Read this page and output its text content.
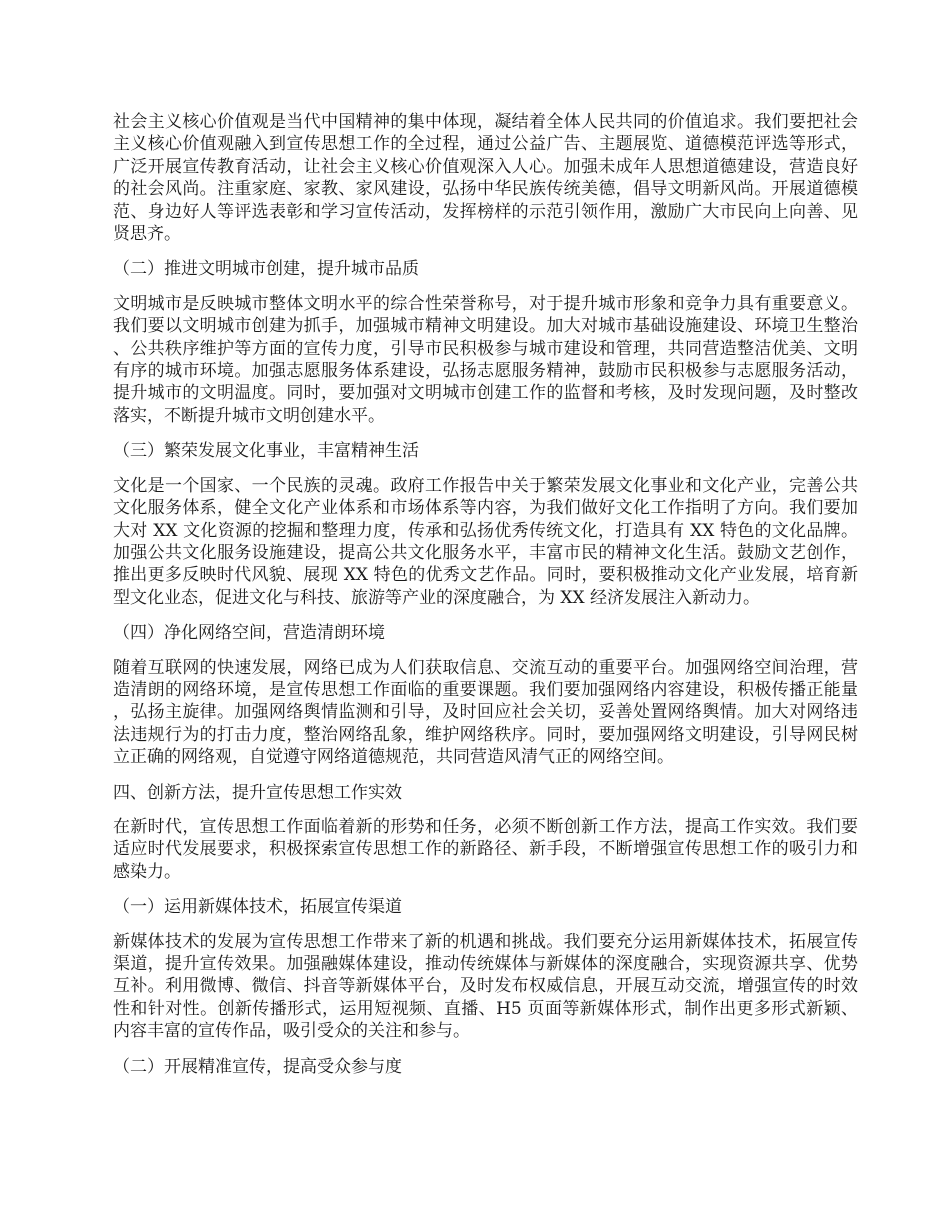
社会主义核心价值观是当代中国精神的集中体现，凝结着全体人民共同的价值追求。我们要把社会主义核心价值观融入到宣传思想工作的全过程，通过公益广告、主题展览、道德模范评选等形式，广泛开展宣传教育活动，让社会主义核心价值观深入人心。加强未成年人思想道德建设，营造良好的社会风尚。注重家庭、家教、家风建设，弘扬中华民族传统美德，倡导文明新风尚。开展道德模范、身边好人等评选表彰和学习宣传活动，发挥榜样的示范引领作用，激励广大市民向上向善、见贤思齐。

（二）推进文明城市创建，提升城市品质

文明城市是反映城市整体文明水平的综合性荣誉称号，对于提升城市形象和竞争力具有重要意义。我们要以文明城市创建为抓手，加强城市精神文明建设。加大对城市基础设施建设、环境卫生整治、公共秩序维护等方面的宣传力度，引导市民积极参与城市建设和管理，共同营造整洁优美、文明有序的城市环境。加强志愿服务体系建设，弘扬志愿服务精神，鼓励市民积极参与志愿服务活动，提升城市的文明温度。同时，要加强对文明城市创建工作的监督和考核，及时发现问题，及时整改落实，不断提升城市文明创建水平。

（三）繁荣发展文化事业，丰富精神生活

文化是一个国家、一个民族的灵魂。政府工作报告中关于繁荣发展文化事业和文化产业，完善公共文化服务体系，健全文化产业体系和市场体系等内容，为我们做好文化工作指明了方向。我们要加大对 XX 文化资源的挖掘和整理力度，传承和弘扬优秀传统文化，打造具有 XX 特色的文化品牌。加强公共文化服务设施建设，提高公共文化服务水平，丰富市民的精神文化生活。鼓励文艺创作，推出更多反映时代风貌、展现 XX 特色的优秀文艺作品。同时，要积极推动文化产业发展，培育新型文化业态，促进文化与科技、旅游等产业的深度融合，为 XX 经济发展注入新动力。

（四）净化网络空间，营造清朗环境

随着互联网的快速发展，网络已成为人们获取信息、交流互动的重要平台。加强网络空间治理，营造清朗的网络环境，是宣传思想工作面临的重要课题。我们要加强网络内容建设，积极传播正能量，弘扬主旋律。加强网络舆情监测和引导，及时回应社会关切，妥善处置网络舆情。加大对网络违法违规行为的打击力度，整治网络乱象，维护网络秩序。同时，要加强网络文明建设，引导网民树立正确的网络观，自觉遵守网络道德规范，共同营造风清气正的网络空间。

四、创新方法，提升宣传思想工作实效

在新时代，宣传思想工作面临着新的形势和任务，必须不断创新工作方法，提高工作实效。我们要适应时代发展要求，积极探索宣传思想工作的新路径、新手段，不断增强宣传思想工作的吸引力和感染力。

（一）运用新媒体技术，拓展宣传渠道

新媒体技术的发展为宣传思想工作带来了新的机遇和挑战。我们要充分运用新媒体技术，拓展宣传渠道，提升宣传效果。加强融媒体建设，推动传统媒体与新媒体的深度融合，实现资源共享、优势互补。利用微博、微信、抖音等新媒体平台，及时发布权威信息，开展互动交流，增强宣传的时效性和针对性。创新传播形式，运用短视频、直播、H5 页面等新媒体形式，制作出更多形式新颖、内容丰富的宣传作品，吸引受众的关注和参与。

（二）开展精准宣传，提高受众参与度
